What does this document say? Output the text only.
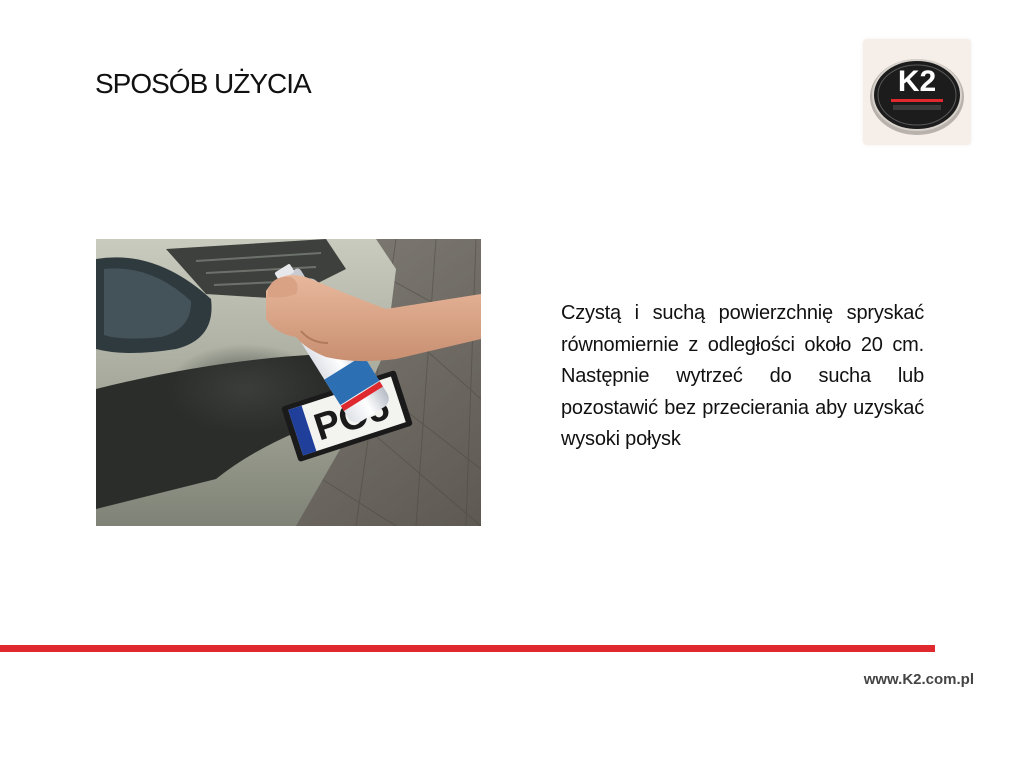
SPOSÓB UŻYCIA	K2
Czystą i suchą powierzchnię spryskać równomiernie z odległości około 20 cm. Następnie wytrzeć do sucha lub pozostawić bez przecierania aby uzyskać wysoki połysk
www.K2.com.pl
